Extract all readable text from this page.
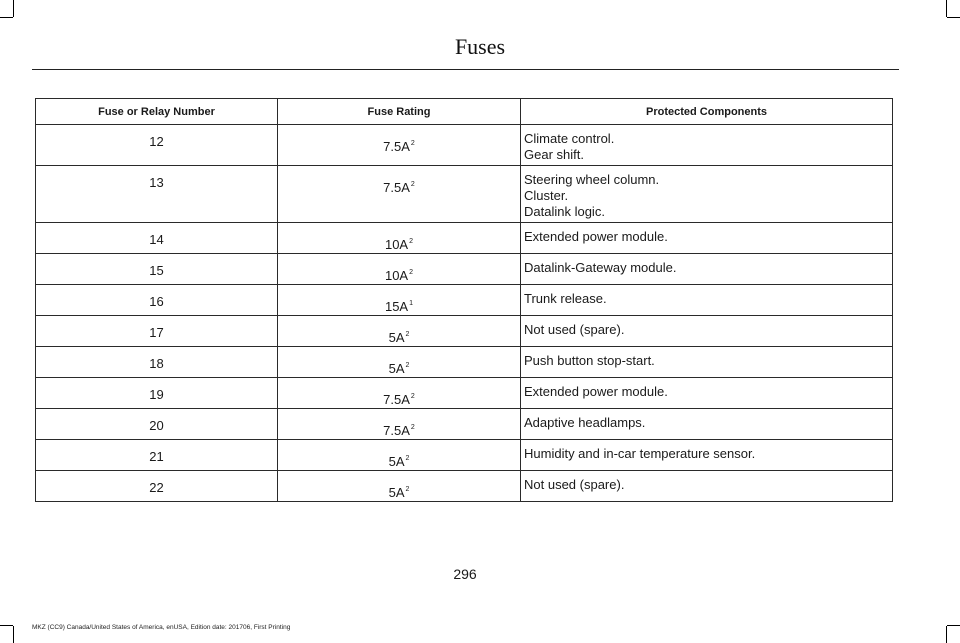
Fuses
Fuse or Relay Number	Fuse Rating	Protected Components
12	$7.5A^2$	Climate control.
Gear shift.

13	$7.5A^2$	Steering wheel column.
Cluster.
Datalink logic.

14	$10A^2$	Extended power module.

15	$10A^2$	Datalink-Gateway module.

16	$15A^1$	Trunk release.

17	$5A^2$	Not used (spare).

18	$5A^2$	Push button stop-start.

19	$7.5A^2$	Extended power module.

20	$7.5A^2$	Adaptive headlamps.

21	$5A^2$	Humidity and in-car temperature sensor.

22	$5A^2$	Not used (spare).
296
MKZ (CC9) Canada/United States of America, enUSA, Edition date: 201706, First Printing
